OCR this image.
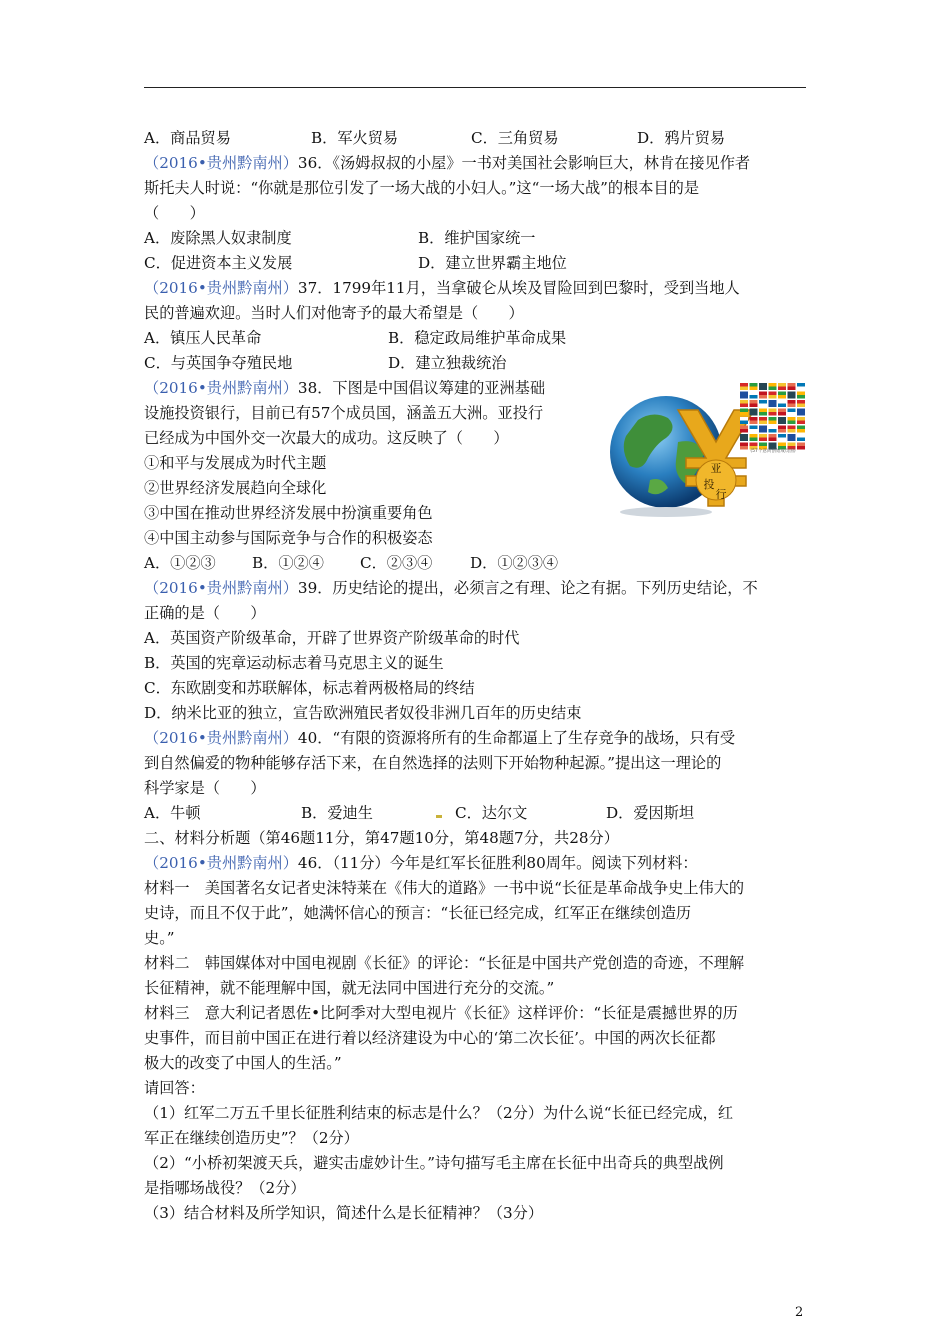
A．商品贸易	B．军火贸易	C．三角贸易	D．鸦片贸易
（2016•贵州黔南州）36．《汤姆叔叔的小屋》一书对美国社会影响巨大，林肯在接见作者
斯托夫人时说：“你就是那位引发了一场大战的小妇人。”这“一场大战”的根本目的是
（　　）
A．废除黑人奴隶制度	B．维护国家统一
C．促进资本主义发展	D．建立世界霸主地位
（2016•贵州黔南州）37．1799年11月，当拿破仑从埃及冒险回到巴黎时，受到当地人
民的普遍欢迎。当时人们对他寄予的最大希望是（　　）
A．镇压人民革命	B．稳定政局维护革命成果
C．与英国争夺殖民地	D．建立独裁统治
（2016•贵州黔南州）38．下图是中国倡议筹建的亚洲基础
设施投资银行，目前已有57个成员国，涵盖五大洲。亚投行
已经成为中国外交一次最大的成功。这反映了（　　）
①和平与发展成为时代主题
②世界经济发展趋向全球化
③中国在推动世界经济发展中扮演重要角色
④中国主动参与国际竞争与合作的积极姿态
A．①②③ B．①②④ C．②③④ D．①②③④
亚
投
行
(57个意向创始成员国)
（2016•贵州黔南州）39．历史结论的提出，必须言之有理、论之有据。下列历史结论，不
正确的是（　　）
A．英国资产阶级革命，开辟了世界资产阶级革命的时代
B．英国的宪章运动标志着马克思主义的诞生
C．东欧剧变和苏联解体，标志着两极格局的终结
D．纳米比亚的独立，宣告欧洲殖民者奴役非洲几百年的历史结束
（2016•贵州黔南州）40．“有限的资源将所有的生命都逼上了生存竞争的战场，只有受
到自然偏爱的物种能够存活下来，在自然选择的法则下开始物种起源。”提出这一理论的
科学家是（　　）
A．牛顿	B．爱迪生	C．达尔文	D．爱因斯坦
二、材料分析题（第46题11分，第47题10分，第48题7分，共28分）
（2016•贵州黔南州）46．（11分）今年是红军长征胜利80周年。阅读下列材料：
材料一　美国著名女记者史沫特莱在《伟大的道路》一书中说“长征是革命战争史上伟大的
史诗，而且不仅于此”，她满怀信心的预言：“长征已经完成，红军正在继续创造历
史。”
材料二　韩国媒体对中国电视剧《长征》的评论：“长征是中国共产党创造的奇迹，不理解
长征精神，就不能理解中国，就无法同中国进行充分的交流。”
材料三　意大利记者恩佐•比阿季对大型电视片《长征》这样评价：“长征是震撼世界的历
史事件，而目前中国正在进行着以经济建设为中心的‘第二次长征’。中国的两次长征都
极大的改变了中国人的生活。”
请回答：
（1）红军二万五千里长征胜利结束的标志是什么？（2分）为什么说“长征已经完成，红
军正在继续创造历史”？（2分）
（2）“小桥初架渡天兵，避实击虚妙计生。”诗句描写毛主席在长征中出奇兵的典型战例
是指哪场战役？（2分）
（3）结合材料及所学知识，简述什么是长征精神？（3分）
2
